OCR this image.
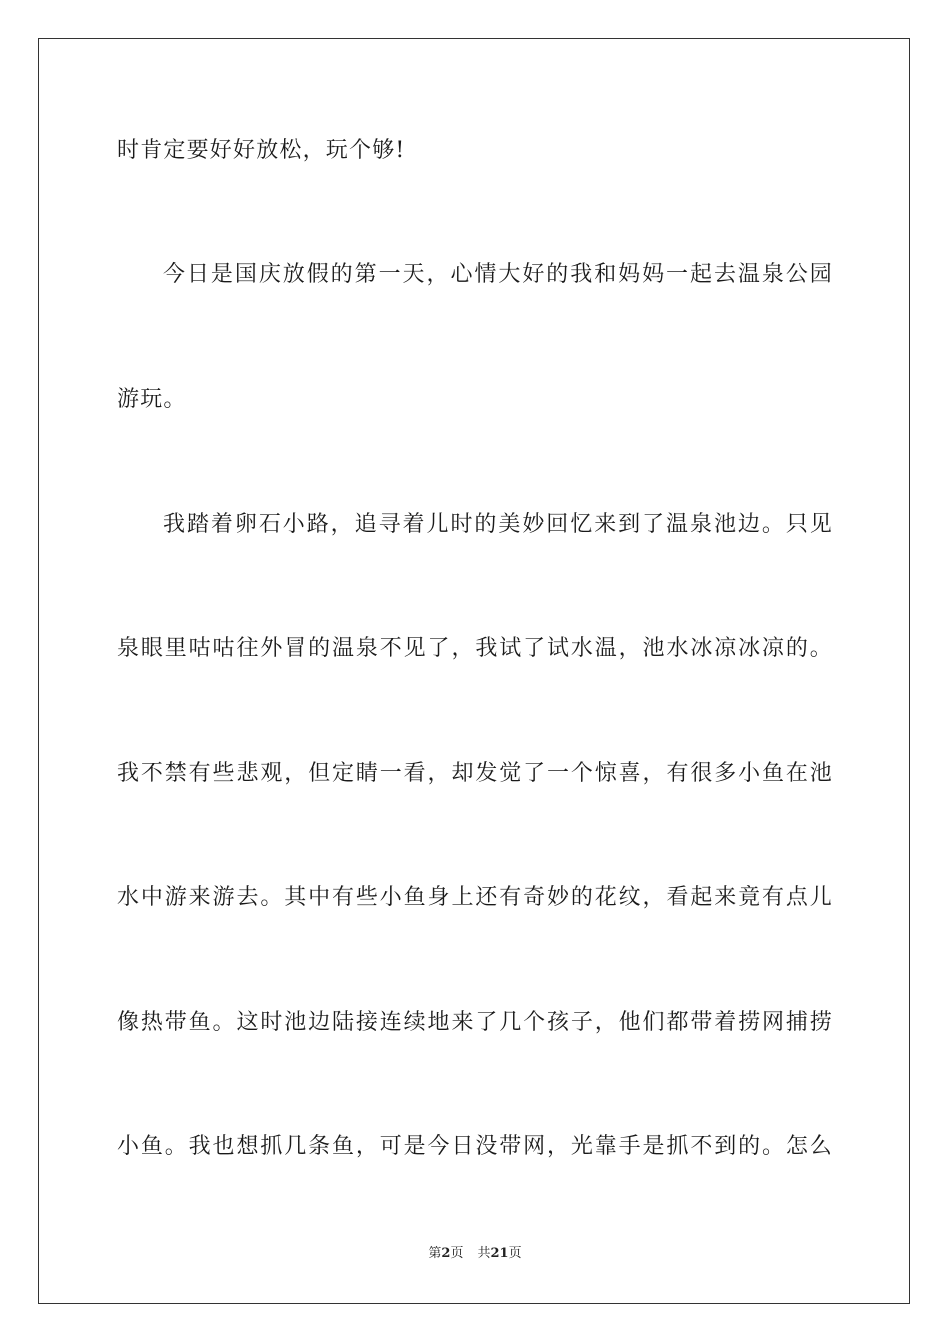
时肯定要好好放松，玩个够!
今日是国庆放假的第一天，心情大好的我和妈妈一起去温泉公园
游玩。
我踏着卵石小路，追寻着儿时的美妙回忆来到了温泉池边。只见
泉眼里咕咕往外冒的温泉不见了，我试了试水温，池水冰凉冰凉的。
我不禁有些悲观，但定睛一看，却发觉了一个惊喜，有很多小鱼在池
水中游来游去。其中有些小鱼身上还有奇妙的花纹，看起来竟有点儿
像热带鱼。这时池边陆接连续地来了几个孩子，他们都带着捞网捕捞
小鱼。我也想抓几条鱼，可是今日没带网，光靠手是抓不到的。怎么
第2页 共21页
